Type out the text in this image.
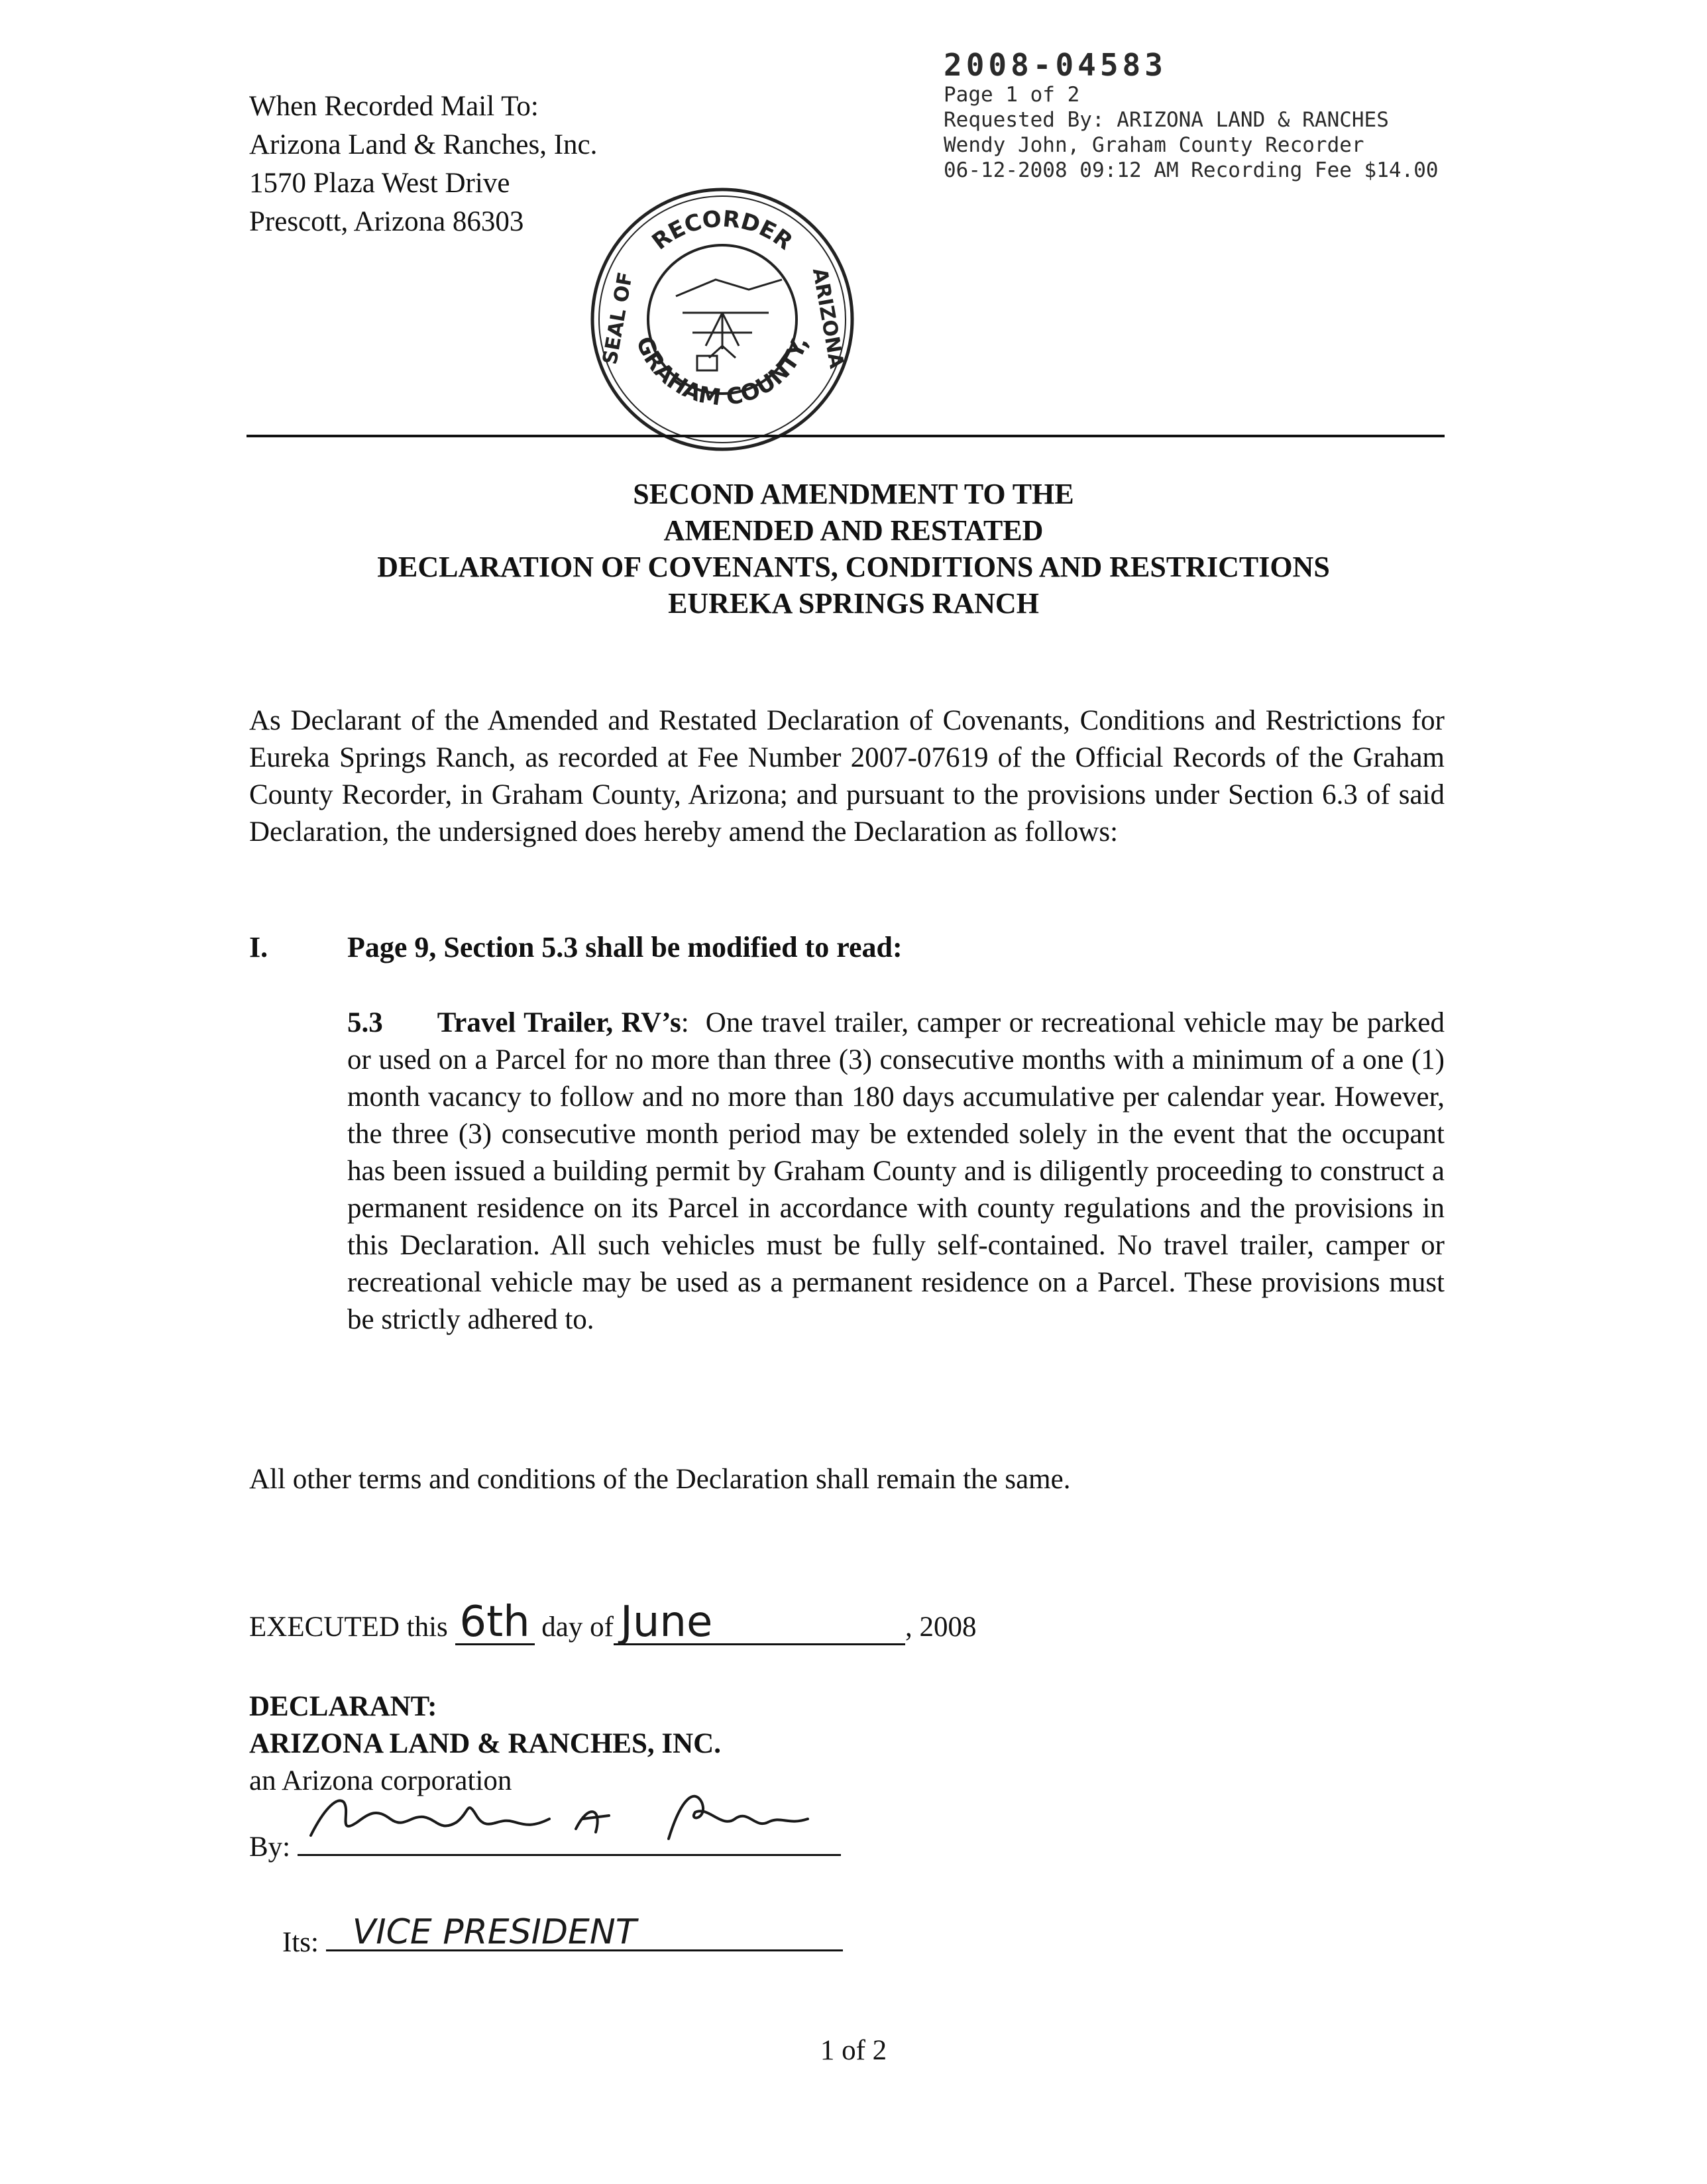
When Recorded Mail To:
Arizona Land & Ranches, Inc.
1570 Plaza West Drive
Prescott, Arizona 86303
2008-04583
Page 1 of 2
Requested By: ARIZONA LAND & RANCHES
Wendy John, Graham County Recorder
06-12-2008 09:12 AM Recording Fee $14.00
RECORDER
GRAHAM COUNTY,
SEAL OF	ARIZONA
SECOND AMENDMENT TO THE
AMENDED AND RESTATED
DECLARATION OF COVENANTS, CONDITIONS AND RESTRICTIONS
EUREKA SPRINGS RANCH
As Declarant of the Amended and Restated Declaration of Covenants, Conditions and Restrictions for Eureka Springs Ranch, as recorded at Fee Number 2007-07619 of the Official Records of the Graham County Recorder, in Graham County, Arizona; and pursuant to the provisions under Section 6.3 of said Declaration, the undersigned does hereby amend the Declaration as follows:
I.	Page 9, Section 5.3 shall be modified to read:
5.3 Travel Trailer, RV’s:  One travel trailer, camper or recreational vehicle may be parked or used on a Parcel for no more than three (3) consecutive months with a minimum of a one (1) month vacancy to follow and no more than 180 days accumulative per calendar year. However, the three (3) consecutive month period may be extended solely in the event that the occupant has been issued a building permit by Graham County and is diligently proceeding to construct a permanent residence on its Parcel in accordance with county regulations and the provisions in this Declaration. All such vehicles must be fully self-contained. No travel trailer, camper or recreational vehicle may be used as a permanent residence on a Parcel. These provisions must be strictly adhered to.
All other terms and conditions of the Declaration shall remain the same.
EXECUTED this 6th day of June	, 2008
DECLARANT:
ARIZONA LAND & RANCHES, INC.
an Arizona corporation
By:
Its: VICE PRESIDENT
1 of 2
